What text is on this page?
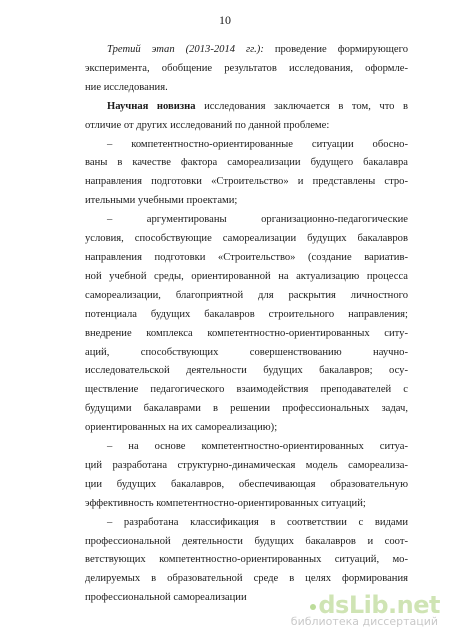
10
Третий этап (2013-2014 гг.): проведение формирующего
эксперимента, обобщение результатов исследования, оформле-
ние исследования.
Научная новизна исследования заключается в том, что в
отличие от других исследований по данной проблеме:
– компетентностно-ориентированные ситуации обосно-
ваны в качестве фактора самореализации будущего бакалавра
направления подготовки «Строительство» и представлены стро-
ительными учебными проектами;
– аргументированы организационно-педагогические
условия, способствующие самореализации будущих бакалавров
направления подготовки «Строительство» (создание вариатив-
ной учебной среды, ориентированной на актуализацию процесса
самореализации, благоприятной для раскрытия личностного
потенциала будущих бакалавров строительного направления;
внедрение комплекса компетентностно-ориентированных ситу-
аций, способствующих совершенствованию научно-
исследовательской деятельности будущих бакалавров; осу-
ществление педагогического взаимодействия преподавателей с
будущими бакалаврами в решении профессиональных задач,
ориентированных на их самореализацию);
– на основе компетентностно-ориентированных ситуа-
ций разработана структурно-динамическая модель самореализа-
ции будущих бакалавров, обеспечивающая образовательную
эффективность компетентностно-ориентированных ситуаций;
– разработана классификация в соответствии с видами
профессиональной деятельности будущих бакалавров и соот-
ветствующих компетентностно-ориентированных ситуаций, мо-
делируемых в образовательной среде в целях формирования
профессиональной самореализации	dsLib.net
библиотека диссертаций
